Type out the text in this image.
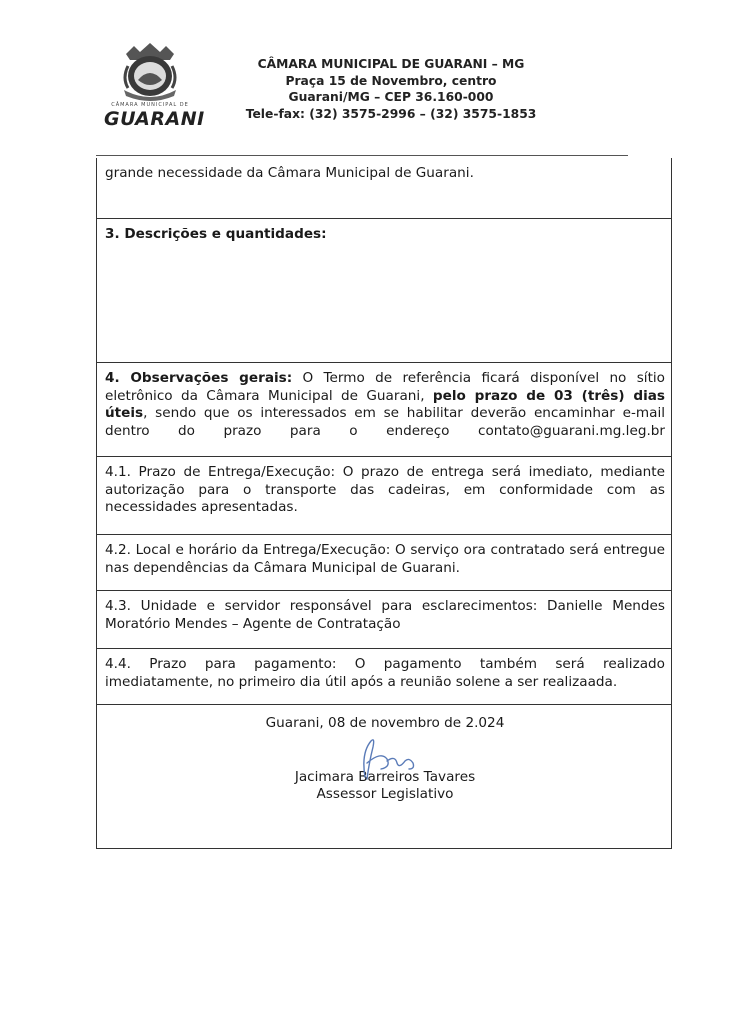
CÂMARA MUNICIPAL DE
GUARANI
CÂMARA MUNICIPAL DE GUARANI – MG
Praça 15 de Novembro, centro
Guarani/MG – CEP 36.160-000
Tele-fax: (32) 3575-2996 – (32) 3575-1853
grande necessidade da Câmara Municipal de Guarani.
3. Descrições e quantidades:
4. Observações gerais: O Termo de referência ficará disponível no sítio eletrônico da Câmara Municipal de Guarani, pelo prazo de 03 (três) dias úteis, sendo que os interessados em se habilitar deverão encaminhar e-mail dentro do prazo para o endereço contato@guarani.mg.leg.br
4.1. Prazo de Entrega/Execução: O prazo de entrega será imediato, mediante autorização para o transporte das cadeiras, em conformidade com as necessidades apresentadas.
4.2. Local e horário da Entrega/Execução: O serviço ora contratado será entregue nas dependências da Câmara Municipal de Guarani.
4.3. Unidade e servidor responsável para esclarecimentos: Danielle Mendes Moratório Mendes – Agente de Contratação
4.4. Prazo para pagamento: O pagamento também será realizado imediatamente, no primeiro dia útil após a reunião solene a ser realizaada.
Guarani, 08 de novembro de 2.024
Jacimara Barreiros Tavares
Assessor Legislativo
